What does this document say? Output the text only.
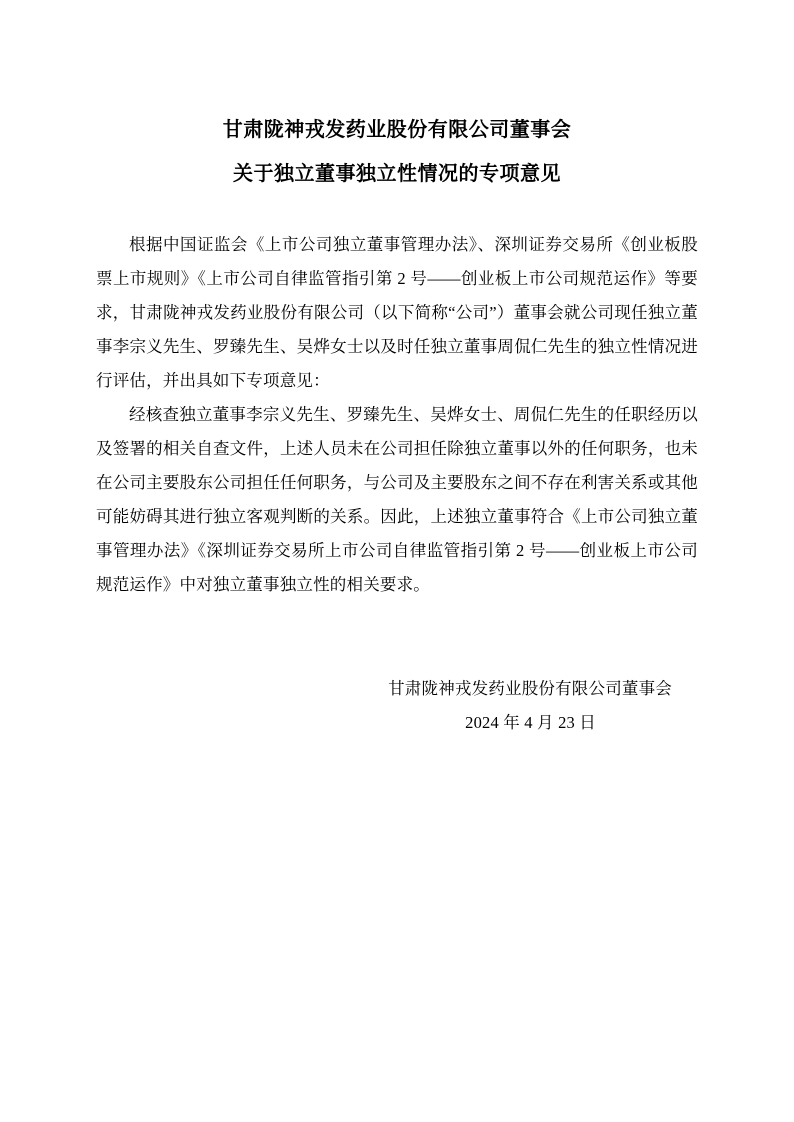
甘肃陇神戎发药业股份有限公司董事会
关于独立董事独立性情况的专项意见

根据中国证监会《上市公司独立董事管理办法》、深圳证券交易所《创业板股票上市规则》《上市公司自律监管指引第 2 号——创业板上市公司规范运作》等要求，甘肃陇神戎发药业股份有限公司（以下简称“公司”）董事会就公司现任独立董事李宗义先生、罗臻先生、吴烨女士以及时任独立董事周侃仁先生的独立性情况进行评估，并出具如下专项意见：

经核查独立董事李宗义先生、罗臻先生、吴烨女士、周侃仁先生的任职经历以及签署的相关自查文件，上述人员未在公司担任除独立董事以外的任何职务，也未在公司主要股东公司担任任何职务，与公司及主要股东之间不存在利害关系或其他可能妨碍其进行独立客观判断的关系。因此，上述独立董事符合《上市公司独立董事管理办法》《深圳证券交易所上市公司自律监管指引第 2 号——创业板上市公司规范运作》中对独立董事独立性的相关要求。

甘肃陇神戎发药业股份有限公司董事会
2024 年 4 月 23 日
